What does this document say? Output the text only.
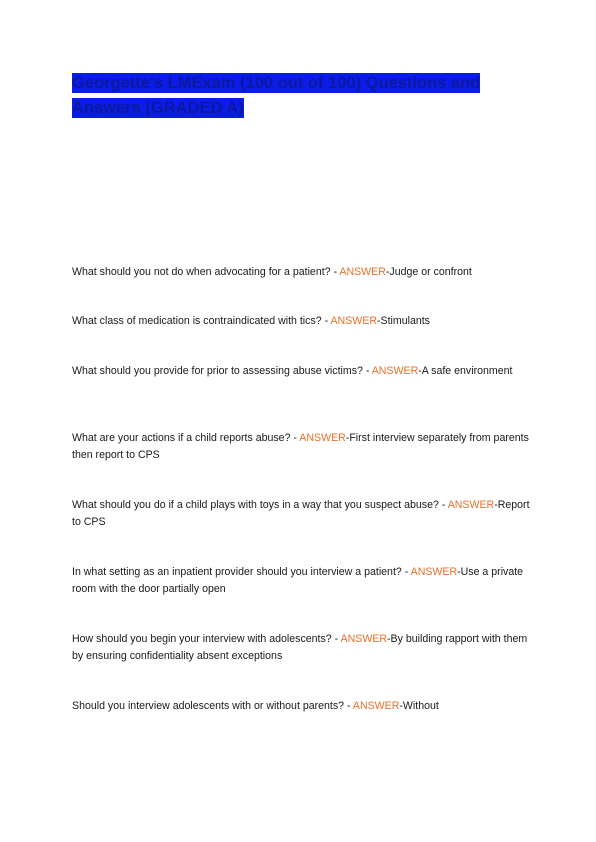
Georgette's LMExam (100 out of 100) Questions and Answers (GRADED A)

What should you not do when advocating for a patient? - ANSWER-Judge or confront

What class of medication is contraindicated with tics? - ANSWER-Stimulants

What should you provide for prior to assessing abuse victims? - ANSWER-A safe environment

What are your actions if a child reports abuse? - ANSWER-First interview separately from parents then report to CPS

What should you do if a child plays with toys in a way that you suspect abuse? - ANSWER-Report to CPS

In what setting as an inpatient provider should you interview a patient? - ANSWER-Use a private room with the door partially open

How should you begin your interview with adolescents? - ANSWER-By building rapport with them by ensuring confidentiality absent exceptions

Should you interview adolescents with or without parents? - ANSWER-Without
